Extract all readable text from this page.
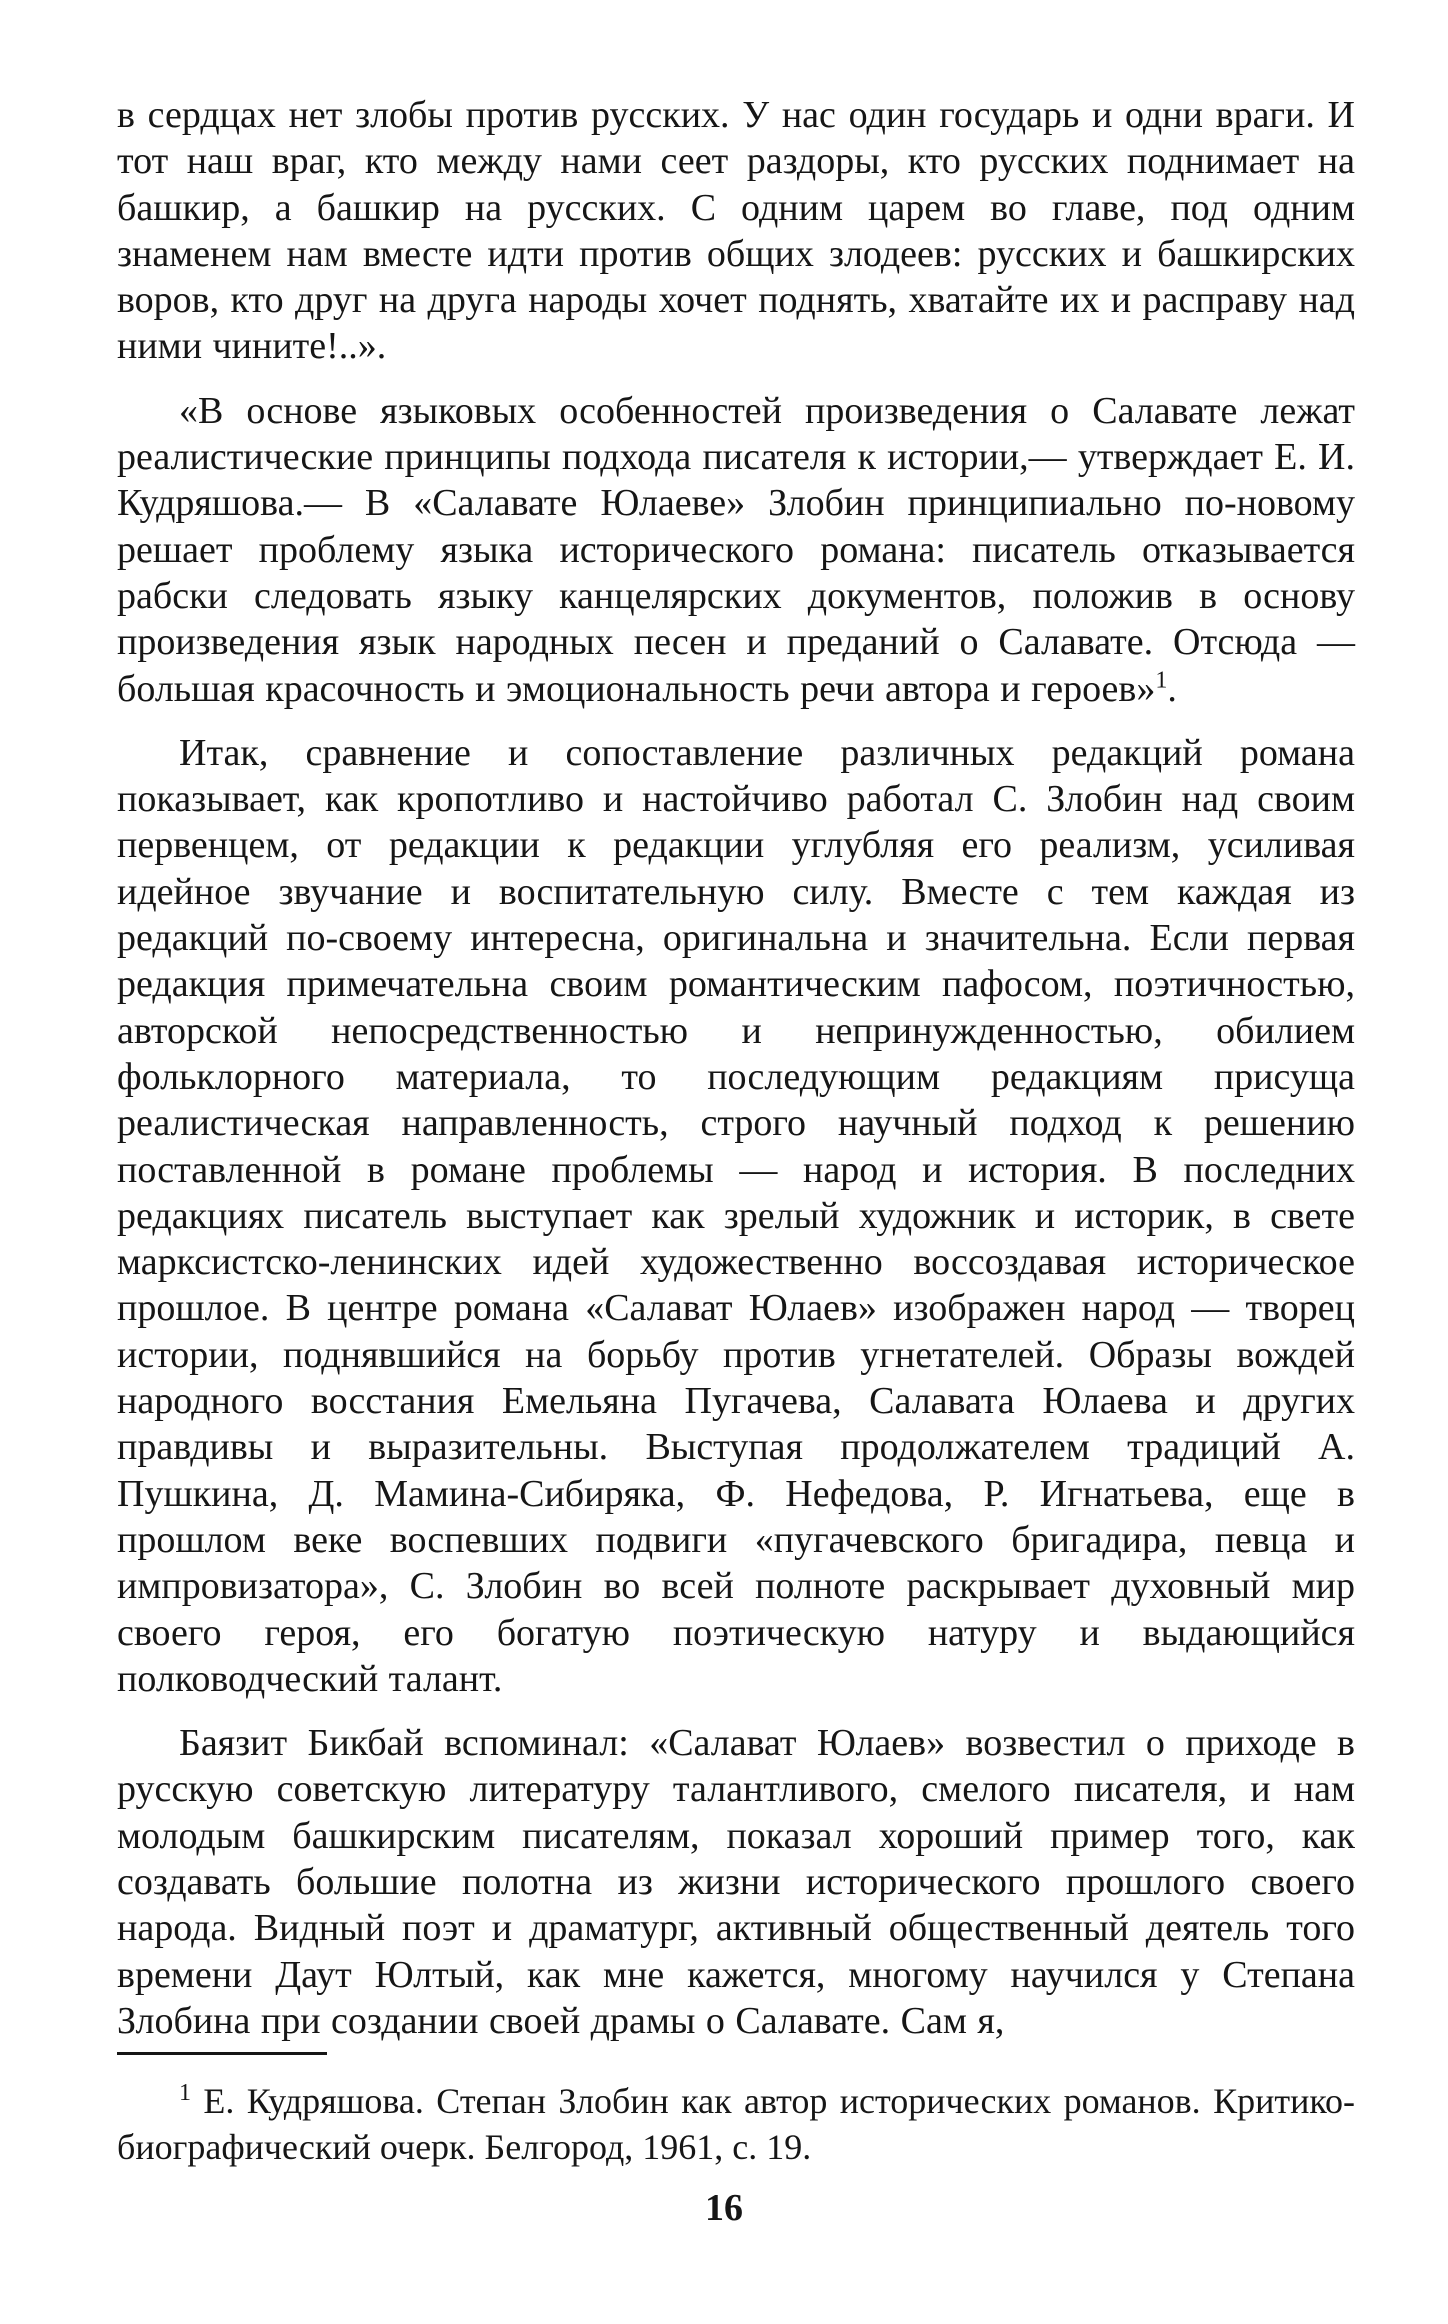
в сердцах нет злобы против русских. У нас один государь и одни враги. И тот наш враг, кто между нами сеет раздоры, кто русских поднимает на башкир, а башкир на русских. С одним царем во главе, под одним знаменем нам вместе идти против общих злодеев: русских и башкирских воров, кто друг на друга народы хочет поднять, хватайте их и расправу над ними чините!..».

«В основе языковых особенностей произведения о Салавате лежат реалистические принципы подхода писателя к истории,— утверждает Е. И. Кудряшова.— В «Салавате Юлаеве» Злобин принципиально по-новому решает проблему языка исторического романа: писатель отказывается рабски следовать языку канцелярских документов, положив в основу произведения язык народных песен и преданий о Салавате. Отсюда — большая красочность и эмоциональность речи автора и героев»$^1$.

Итак, сравнение и сопоставление различных редакций романа показывает, как кропотливо и настойчиво работал С. Злобин над своим первенцем, от редакции к редакции углубляя его реализм, усиливая идейное звучание и воспитательную силу. Вместе с тем каждая из редакций по-своему интересна, оригинальна и значительна. Если первая редакция примечательна своим романтическим пафосом, поэтичностью, авторской непосредственностью и непринужденностью, обилием фольклорного материала, то последующим редакциям присуща реалистическая направленность, строго научный подход к решению поставленной в романе проблемы — народ и история. В последних редакциях писатель выступает как зрелый художник и историк, в свете марксистско-ленинских идей художественно воссоздавая историческое прошлое. В центре романа «Салават Юлаев» изображен народ — творец истории, поднявшийся на борьбу против угнетателей. Образы вождей народного восстания Емельяна Пугачева, Салавата Юлаева и других правдивы и выразительны. Выступая продолжателем традиций А. Пушкина, Д. Мамина-Сибиряка, Ф. Нефедова, Р. Игнатьева, еще в прошлом веке воспевших подвиги «пугачевского бригадира, певца и импровизатора», С. Злобин во всей полноте раскрывает духовный мир своего героя, его богатую поэтическую натуру и выдающийся полководческий талант.

Баязит Бикбай вспоминал: «Салават Юлаев» возвестил о приходе в русскую советскую литературу талантливого, смелого писателя, и нам молодым башкирским писателям, показал хороший пример того, как создавать большие полотна из жизни исторического прошлого своего народа. Видный поэт и драматург, активный общественный деятель того времени Даут Юлтый, как мне кажется, многому научился у Степана Злобина при создании своей драмы о Салавате. Сам я,

$^1$ Е. Кудряшова. Степан Злобин как автор исторических романов. Критико-биографический очерк. Белгород, 1961, с. 19.

16
